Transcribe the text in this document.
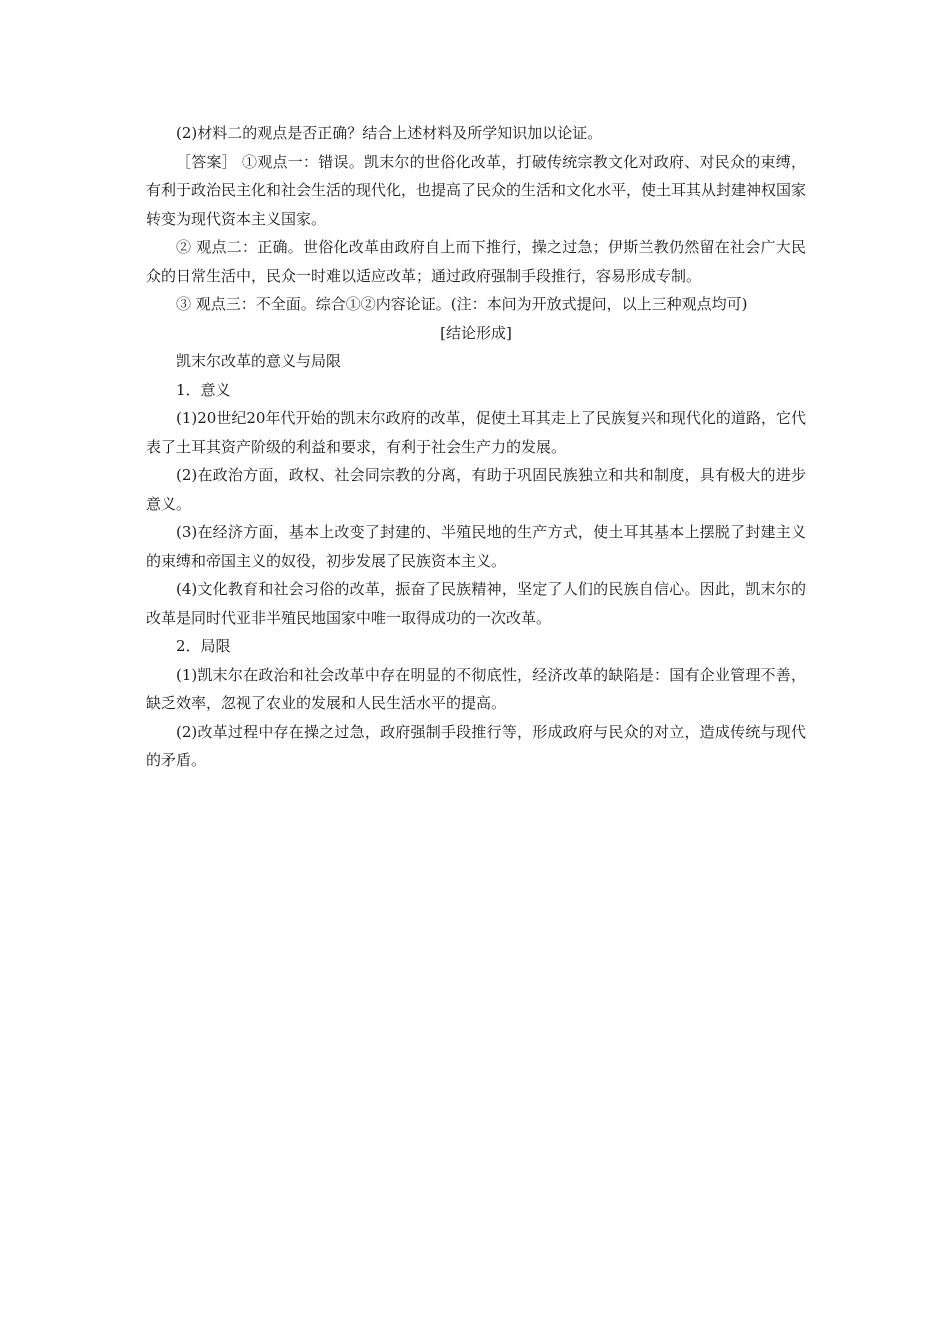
(2)材料二的观点是否正确？结合上述材料及所学知识加以论证。

［答案］ ①观点一：错误。凯末尔的世俗化改革，打破传统宗教文化对政府、对民众的束缚，有利于政治民主化和社会生活的现代化，也提高了民众的生活和文化水平，使土耳其从封建神权国家转变为现代资本主义国家。

② 观点二：正确。世俗化改革由政府自上而下推行，操之过急；伊斯兰教仍然留在社会广大民众的日常生活中，民众一时难以适应改革；通过政府强制手段推行，容易形成专制。

③ 观点三：不全面。综合①②内容论证。(注：本问为开放式提问，以上三种观点均可)

[结论形成]

凯末尔改革的意义与局限

1．意义

(1)20世纪20年代开始的凯末尔政府的改革，促使土耳其走上了民族复兴和现代化的道路，它代表了土耳其资产阶级的利益和要求，有利于社会生产力的发展。

(2)在政治方面，政权、社会同宗教的分离，有助于巩固民族独立和共和制度，具有极大的进步意义。

(3)在经济方面，基本上改变了封建的、半殖民地的生产方式，使土耳其基本上摆脱了封建主义的束缚和帝国主义的奴役，初步发展了民族资本主义。

(4)文化教育和社会习俗的改革，振奋了民族精神，坚定了人们的民族自信心。因此，凯末尔的改革是同时代亚非半殖民地国家中唯一取得成功的一次改革。

2．局限

(1)凯末尔在政治和社会改革中存在明显的不彻底性，经济改革的缺陷是：国有企业管理不善，缺乏效率，忽视了农业的发展和人民生活水平的提高。

(2)改革过程中存在操之过急，政府强制手段推行等，形成政府与民众的对立，造成传统与现代的矛盾。
